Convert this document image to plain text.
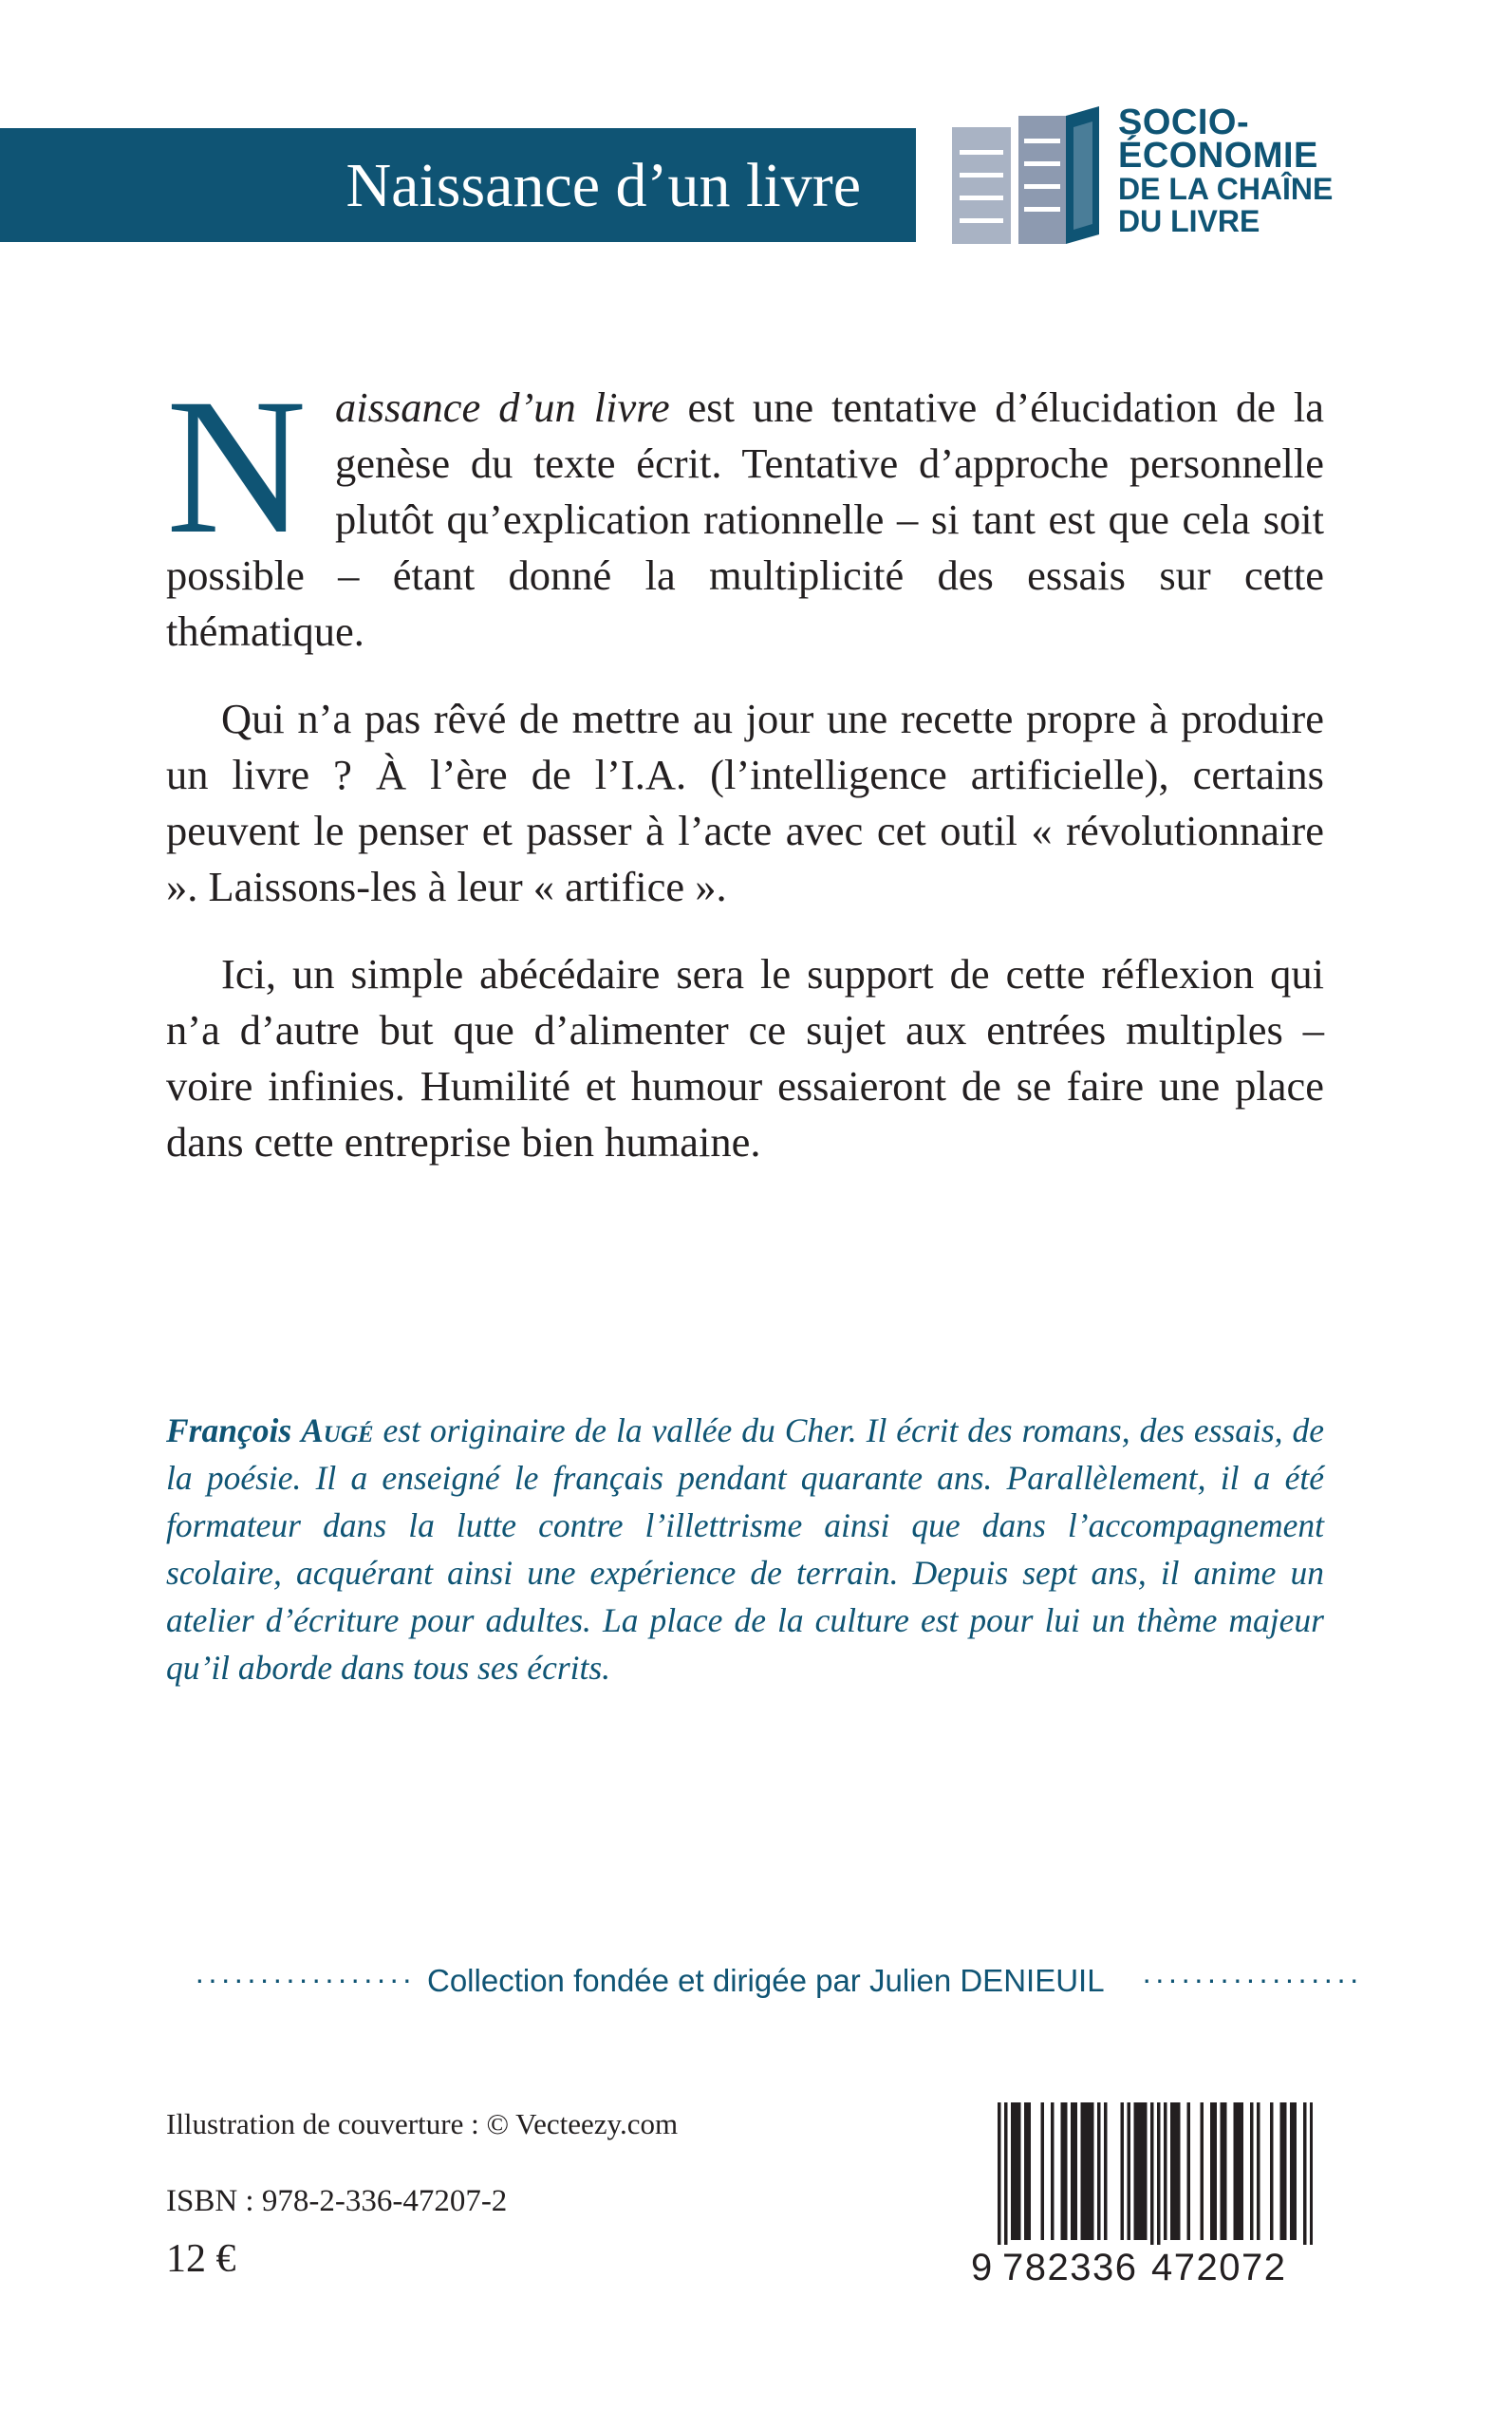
Naissance d’un livre
SOCIO-
ÉCONOMIE
DE LA CHAÎNE
DU LIVRE

Naissance d’un livre est une tentative d’élucidation de la genèse du texte écrit. Tentative d’approche personnelle plutôt qu’explication rationnelle – si tant est que cela soit possible – étant donné la multiplicité des essais sur cette thématique.

Qui n’a pas rêvé de mettre au jour une recette propre à produire un livre ? À l’ère de l’I.A. (l’intelligence artificielle), certains peuvent le penser et passer à l’acte avec cet outil « révolutionnaire ». Laissons-les à leur « artifice ».

Ici, un simple abécédaire sera le support de cette réflexion qui n’a d’autre but que d’alimenter ce sujet aux entrées multiples – voire infinies. Humilité et humour essaieront de se faire une place dans cette entreprise bien humaine.

François Augé est originaire de la vallée du Cher. Il écrit des romans, des essais, de la poésie. Il a enseigné le français pendant quarante ans. Parallèlement, il a été formateur dans la lutte contre l’illettrisme ainsi que dans l’accompagnement scolaire, acquérant ainsi une expérience de terrain. Depuis sept ans, il anime un atelier d’écriture pour adultes. La place de la culture est pour lui un thème majeur qu’il aborde dans tous ses écrits.
················· Collection fondée et dirigée par Julien DENIEUIL ·················
Illustration de couverture : © Vecteezy.com
ISBN : 978-2-336-47207-2
12 €	9 782336 472072
